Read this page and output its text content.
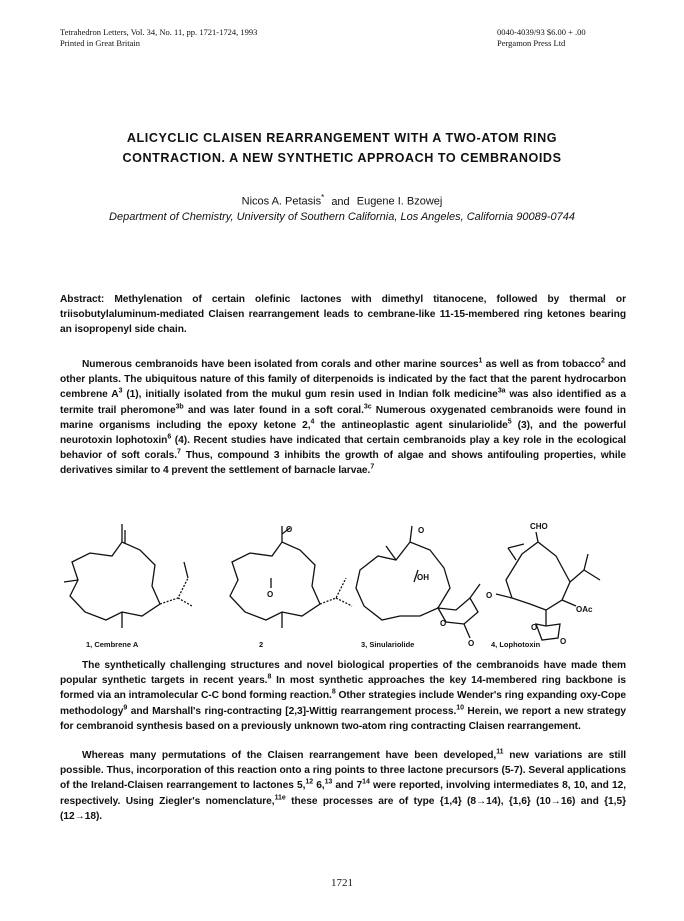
Tetrahedron Letters, Vol. 34, No. 11, pp. 1721-1724, 1993
Printed in Great Britain
0040-4039/93 $6.00 + .00
Pergamon Press Ltd
ALICYCLIC CLAISEN REARRANGEMENT WITH A TWO-ATOM RING
CONTRACTION. A NEW SYNTHETIC APPROACH TO CEMBRANOIDS
Nicos A. Petasis* and Eugene I. Bzowej
Department of Chemistry, University of Southern California, Los Angeles, California 90089-0744
Abstract: Methylenation of certain olefinic lactones with dimethyl titanocene, followed by thermal or triisobutylaluminum-mediated Claisen rearrangement leads to cembrane-like 11-15-membered ring ketones bearing an isopropenyl side chain.
Numerous cembranoids have been isolated from corals and other marine sources$^1$ as well as from tobacco$^2$ and other plants. The ubiquitous nature of this family of diterpenoids is indicated by the fact that the parent hydrocarbon cembrene $A^3$ (1), initially isolated from the mukul gum resin used in Indian folk medicine$^{3a}$ was also identified as a termite trail pheromone$^{3b}$ and was later found in a soft coral.$^{3c}$ Numerous oxygenated cembranoids were found in marine organisms including the epoxy ketone 2,$^4$ the antineoplastic agent sinulariolide$^5$ (3), and the powerful neurotoxin lophotoxin$^6$ (4). Recent studies have indicated that certain cembranoids play a key role in the ecological behavior of soft corals.$^7$ Thus, compound 3 inhibits the growth of algae and shows antifouling properties, while derivatives similar to 4 prevent the settlement of barnacle larvae.$^7$
O
O
O
OH
O
O
CHO
O
OAc
O
O
1, Cembrene A	2	3, Sinulariolide	4, Lophotoxin
The synthetically challenging structures and novel biological properties of the cembranoids have made them popular synthetic targets in recent years.$^8$ In most synthetic approaches the key 14-membered ring backbone is formed via an intramolecular C-C bond forming reaction.$^8$ Other strategies include Wender's ring expanding oxy-Cope methodology$^9$ and Marshall's ring-contracting [2,3]-Wittig rearrangement process.$^{10}$ Herein, we report a new strategy for cembranoid synthesis based on a previously unknown two-atom ring contracting Claisen rearrangement.
Whereas many permutations of the Claisen rearrangement have been developed,$^{11}$ new variations are still possible. Thus, incorporation of this reaction onto a ring points to three lactone precursors (5-7). Several applications of the Ireland-Claisen rearrangement to lactones 5,12 6,13 and $7^{14}$ were reported, involving intermediates 8, 10, and 12, respectively. Using Ziegler's nomenclature,$^{11e}$ these processes are of type {1,4} (8→14), {1,6} (10→16) and {1,5} (12→18).
1721
